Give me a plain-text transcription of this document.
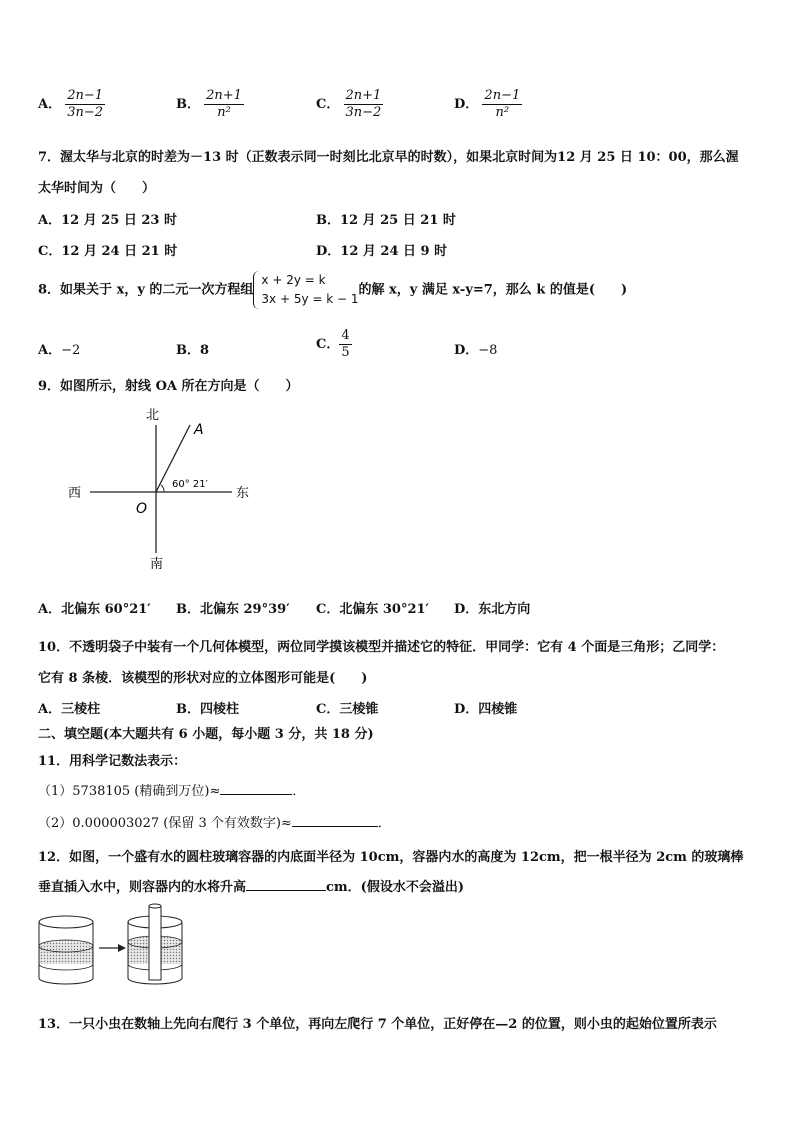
A． $\frac{2n-1}{3n-2}$	B． $\frac{2n+1}{\text{n²}}$	C． $\frac{2n+1}{3n-2}$	D． $\frac{2n-1}{\text{n²}}$
7．渥太华与北京的时差为－13 时（正数表示同一时刻比北京早的时数），如果北京时间为12 月 25 日 10：00，那么渥
太华时间为（　　）
A．12 月 25 日 23 时	B．12 月 25 日 21 时
C．12 月 24 日 21 时	D．12 月 24 日 9 时
8．如果关于 x，y 的二元一次方程组
x + 2y = k
3x + 5y = k − 1
的解 x，y 满足 x-y=7，那么 k 的值是(　　)
A．−2	B．8	C． $\frac{4}{5}$	D．−8
9．如图所示，射线 OA 所在方向是（　　）
北
南
东
西
O
A
60° 21′
A．北偏东 60°21′ B．北偏东 29°39′ C．北偏东 30°21′ D．东北方向
10．不透明袋子中装有一个几何体模型，两位同学摸该模型并描述它的特征．甲同学：它有 4 个面是三角形；乙同学：
它有 8 条棱．该模型的形状对应的立体图形可能是(　　)
A．三棱柱	B．四棱柱	C．三棱锥	D．四棱锥
二、填空题(本大题共有 6 小题，每小题 3 分，共 18 分)
11．用科学记数法表示：
（1）5738105 (精确到万位)≈	．
（2）0.000003027 (保留 3 个有效数字)≈	．
12．如图，一个盛有水的圆柱玻璃容器的内底面半径为 10cm，容器内水的高度为 12cm，把一根半径为 2cm 的玻璃棒
垂直插入水中，则容器内的水将升高	cm．(假设水不会溢出)
13．一只小虫在数轴上先向右爬行 3 个单位，再向左爬行 7 个单位，正好停在—2 的位置，则小虫的起始位置所表示
